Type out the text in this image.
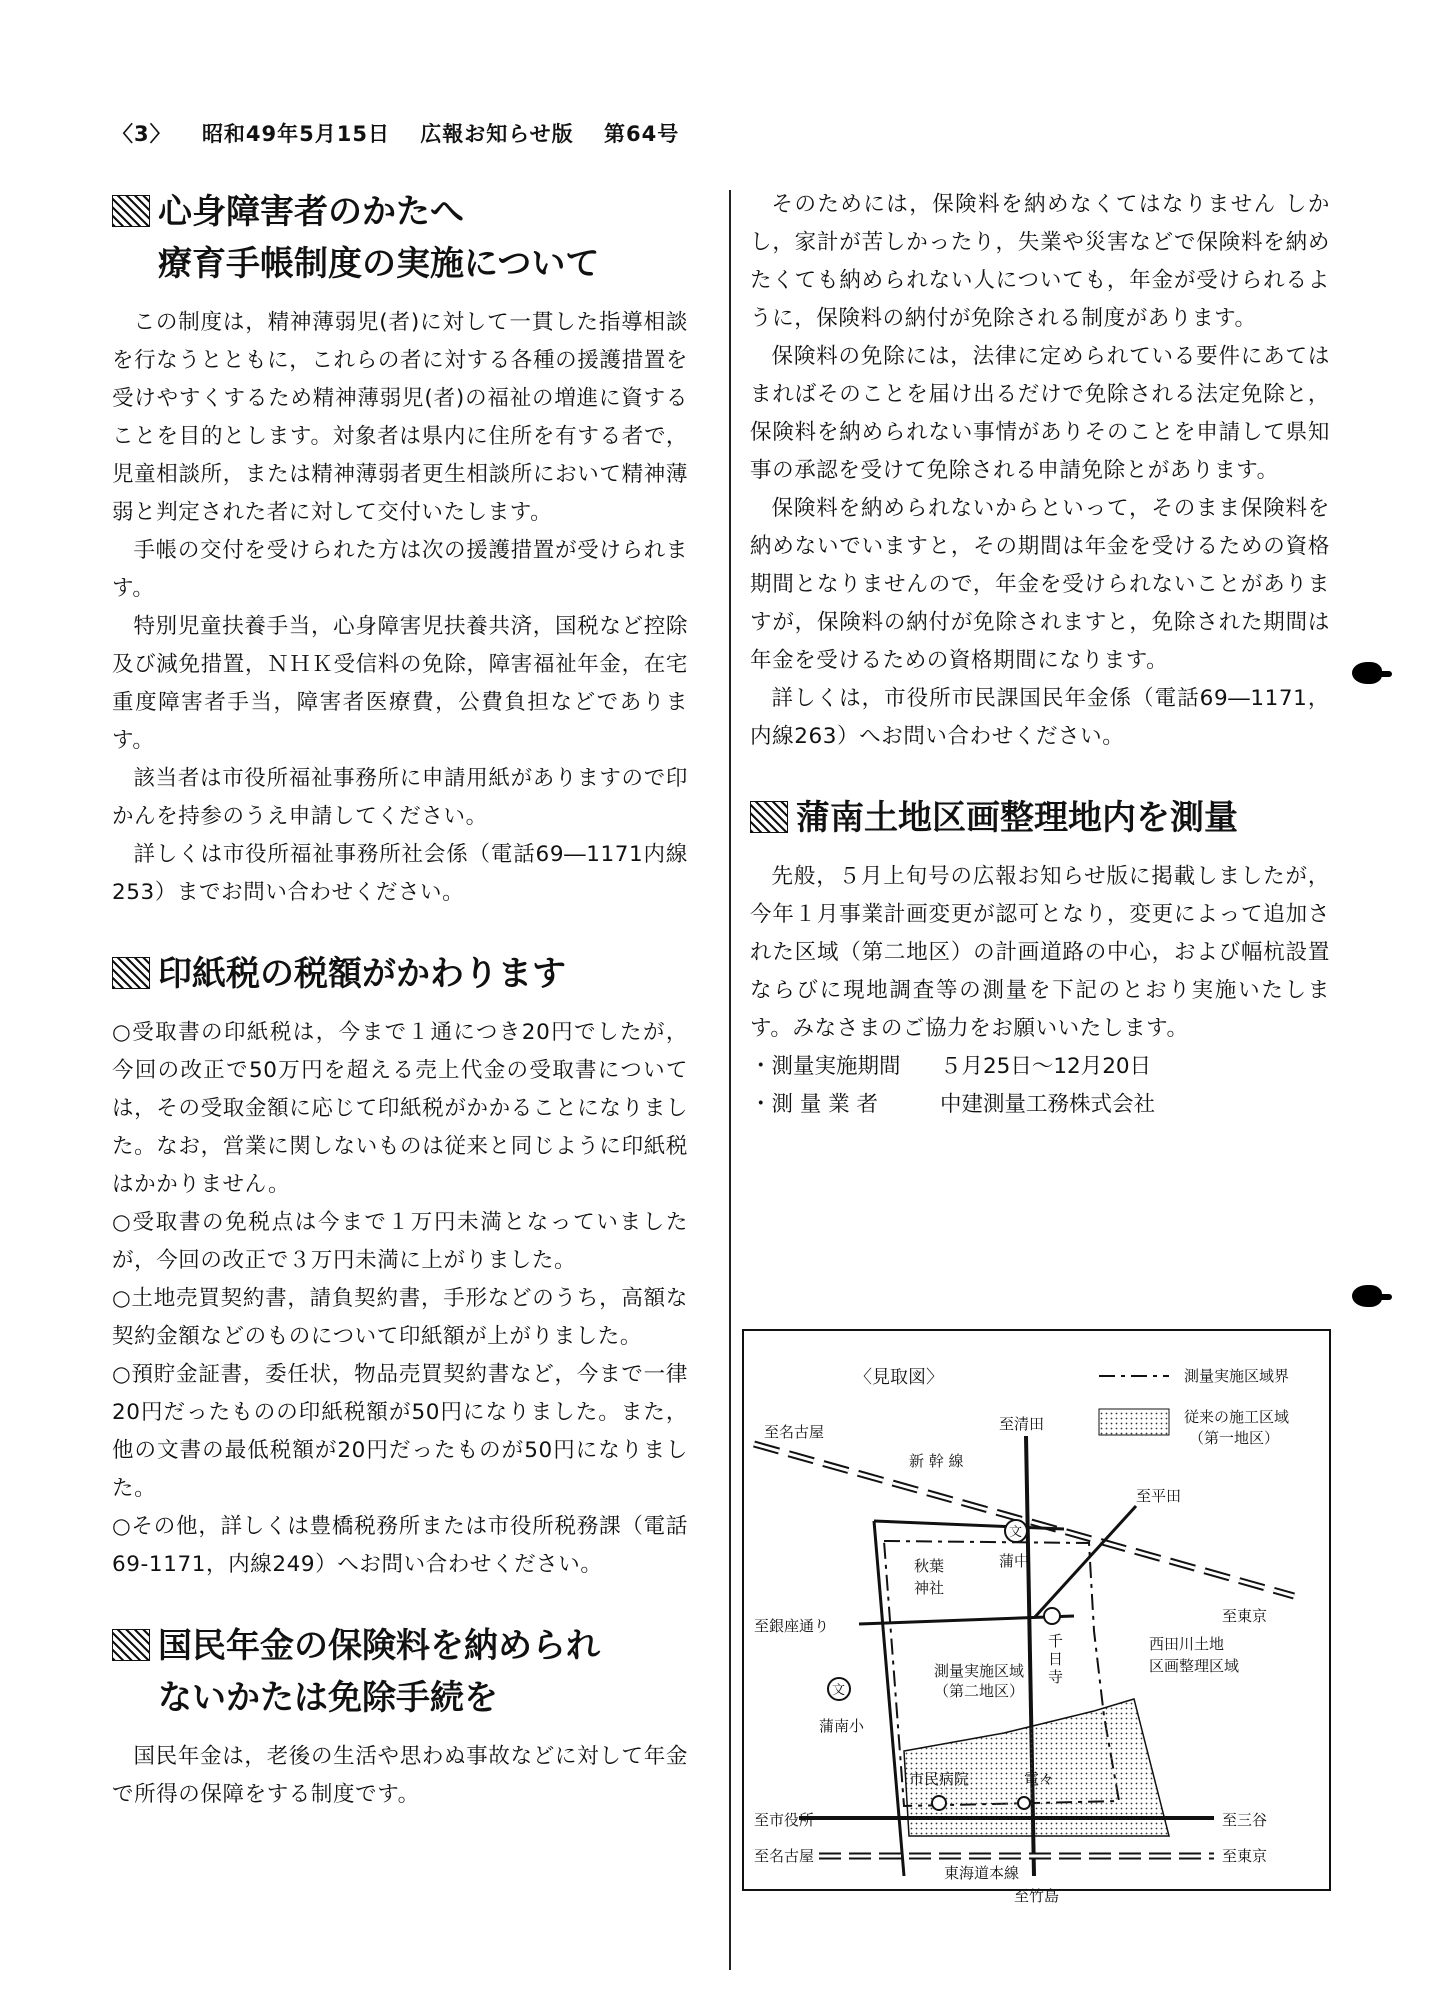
〈3〉 昭和49年5月15日 広報お知らせ版 第64号
心身障害者のかたへ
療育手帳制度の実施について

この制度は，精神薄弱児(者)に対して一貫した指導相談を行なうとともに，これらの者に対する各種の援護措置を受けやすくするため精神薄弱児(者)の福祉の増進に資することを目的とします。対象者は県内に住所を有する者で，児童相談所，または精神薄弱者更生相談所において精神薄弱と判定された者に対して交付いたします。

手帳の交付を受けられた方は次の援護措置が受けられます。

特別児童扶養手当，心身障害児扶養共済，国税など控除及び減免措置，ＮＨＫ受信料の免除，障害福祉年金，在宅重度障害者手当，障害者医療費，公費負担などであります。

該当者は市役所福祉事務所に申請用紙がありますので印かんを持参のうえ申請してください。

詳しくは市役所福祉事務所社会係（電話69―1171内線253）までお問い合わせください。

印紙税の税額がかわります

○受取書の印紙税は，今まで１通につき20円でしたが，今回の改正で50万円を超える売上代金の受取書については，その受取金額に応じて印紙税がかかることになりました。なお，営業に関しないものは従来と同じように印紙税はかかりません。

○受取書の免税点は今まで１万円未満となっていましたが，今回の改正で３万円未満に上がりました。

○土地売買契約書，請負契約書，手形などのうち，高額な契約金額などのものについて印紙額が上がりました。

○預貯金証書，委任状，物品売買契約書など，今まで一律20円だったものの印紙税額が50円になりました。また，他の文書の最低税額が20円だったものが50円になりました。

○その他，詳しくは豊橋税務所または市役所税務課（電話69-1171，内線249）へお問い合わせください。

国民年金の保険料を納められ
ないかたは免除手続を

国民年金は，老後の生活や思わぬ事故などに対して年金で所得の保障をする制度です。

そのためには，保険料を納めなくてはなりません しかし，家計が苦しかったり，失業や災害などで保険料を納めたくても納められない人についても，年金が受けられるように，保険料の納付が免除される制度があります。

保険料の免除には，法律に定められている要件にあてはまればそのことを届け出るだけで免除される法定免除と，保険料を納められない事情がありそのことを申請して県知事の承認を受けて免除される申請免除とがあります。

保険料を納められないからといって，そのまま保険料を納めないでいますと，その期間は年金を受けるための資格期間となりませんので，年金を受けられないことがありますが，保険料の納付が免除されますと，免除された期間は年金を受けるための資格期間になります。

詳しくは，市役所市民課国民年金係（電話69―1171，内線263）へお問い合わせください。

蒲南土地区画整理地内を測量

先般，５月上旬号の広報お知らせ版に掲載しましたが，今年１月事業計画変更が認可となり，変更によって追加された区域（第二地区）の計画道路の中心，および幅杭設置ならびに現地調査等の測量を下記のとおり実施いたします。みなさまのご協力をお願いいたします。

・測量実施期間 ５月25日～12月20日
・測 量 業 者	中建測量工務株式会社
〈見取図〉	測量実施区域界
従来の施工区域
（第一地区）
至名古屋
新 幹 線
至東京
至清田
至平田
至銀座通り
至市役所	至三谷
至名古屋	至東京
東海道本線
文
蒲中
秋葉
神社
千
日
寺
西田川土地
区画整理区域
測量実施区域
（第二地区）
文
蒲南小
市民病院	電々
至竹島
